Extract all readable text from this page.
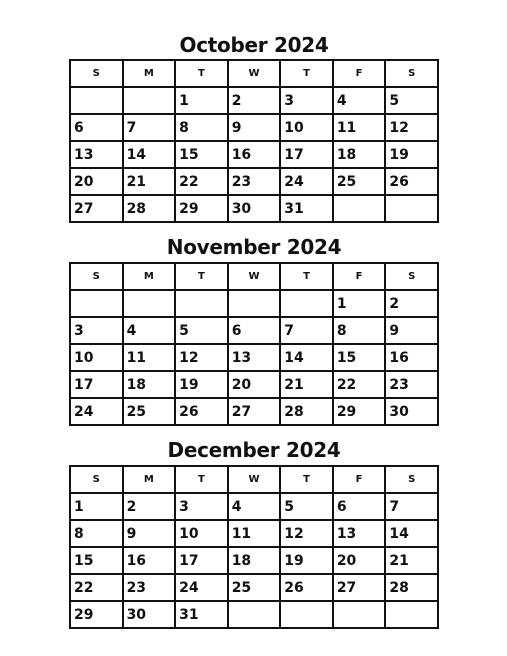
October 2024
S	M	T	W	T	F	S
		1	2	3	4	5
6	7	8	9	10	11	12
13	14	15	16	17	18	19
20	21	22	23	24	25	26
27	28	29	30	31		
November 2024
S	M	T	W	T	F	S
					1	2
3	4	5	6	7	8	9
10	11	12	13	14	15	16
17	18	19	20	21	22	23
24	25	26	27	28	29	30
December 2024
S	M	T	W	T	F	S
1	2	3	4	5	6	7
8	9	10	11	12	13	14
15	16	17	18	19	20	21
22	23	24	25	26	27	28
29	30	31				
